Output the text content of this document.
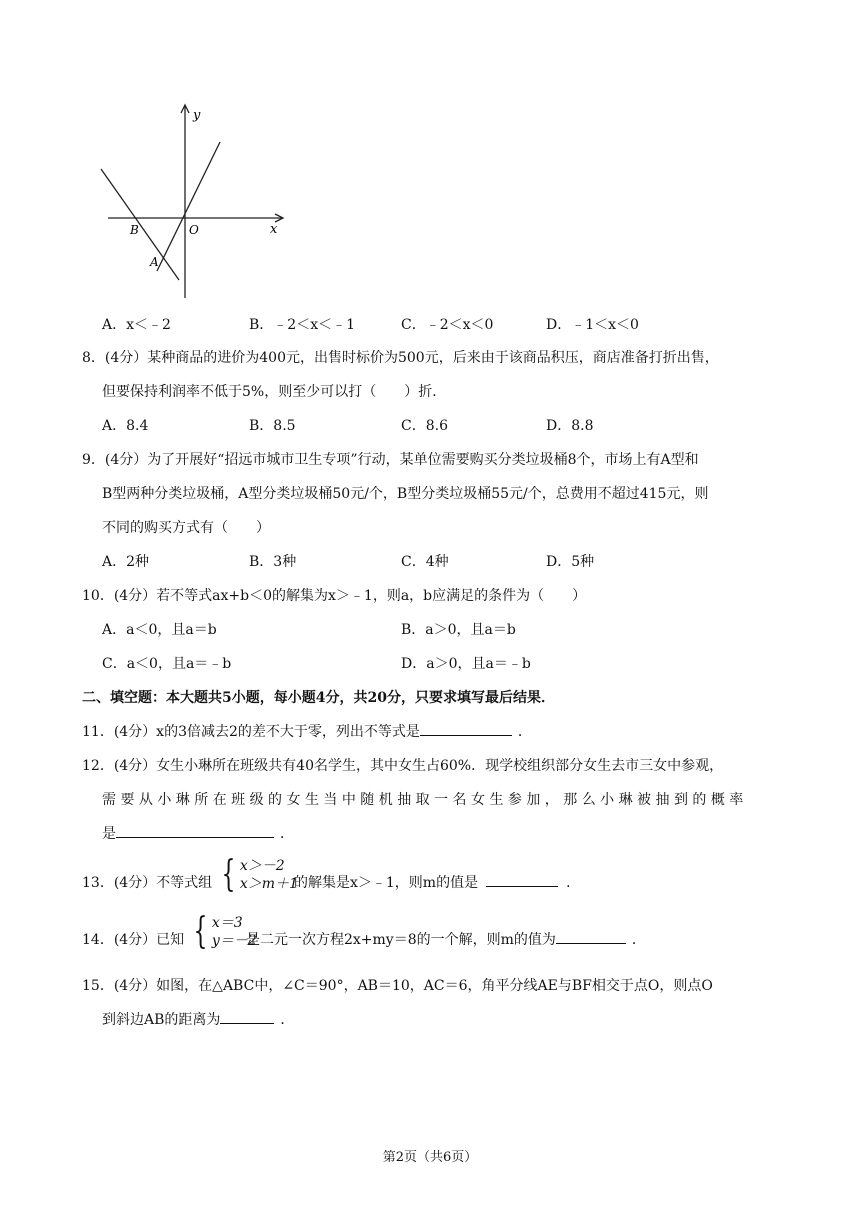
y
x
B	O
A
A．x＜﹣2	B．﹣2＜x＜﹣1	C．﹣2＜x＜0	D．﹣1＜x＜0
8．(4分）某种商品的进价为400元，出售时标价为500元，后来由于该商品积压，商店准备打折出售，
但要保持利润率不低于5%，则至少可以打（　　）折．
A．8.4	B．8.5	C．8.6	D．8.8
9．(4分）为了开展好“招远市城市卫生专项”行动，某单位需要购买分类垃圾桶8个，市场上有A型和
B型两种分类垃圾桶，A型分类垃圾桶50元/个，B型分类垃圾桶55元/个，总费用不超过415元，则
不同的购买方式有（　　）
A．2种	B．3种	C．4种	D．5种
10．(4分）若不等式ax+b＜0的解集为x＞﹣1，则a，b应满足的条件为（　　）
A．a＜0，且a＝b	B．a＞0，且a＝b
C．a＜0，且a＝﹣b	D．a＞0，且a＝﹣b
二、填空题：本大题共5小题，每小题4分，共20分，只要求填写最后结果．
11．(4分）x的3倍减去2的差不大于零，列出不等式是	．
12．(4分）女生小琳所在班级共有40名学生，其中女生占60%．现学校组织部分女生去市三女中参观，
需 要 从 小 琳 所 在 班 级 的 女 生 当 中 随 机 抽 取 一 名 女 生 参 加 ， 那 么 小 琳 被 抽 到 的 概 率
是	．
13．(4分）不等式组 { x＞－2
x＞m＋1
的解集是x＞﹣1，则m的值是	．
14．(4分）已知 { x＝3
y＝－2
是二元一次方程2x+my＝8的一个解，则m的值为	．
15．(4分）如图，在△ABC中，∠C＝90°，AB＝10，AC＝6，角平分线AE与BF相交于点O，则点O
到斜边AB的距离为	．
第2页（共6页）
